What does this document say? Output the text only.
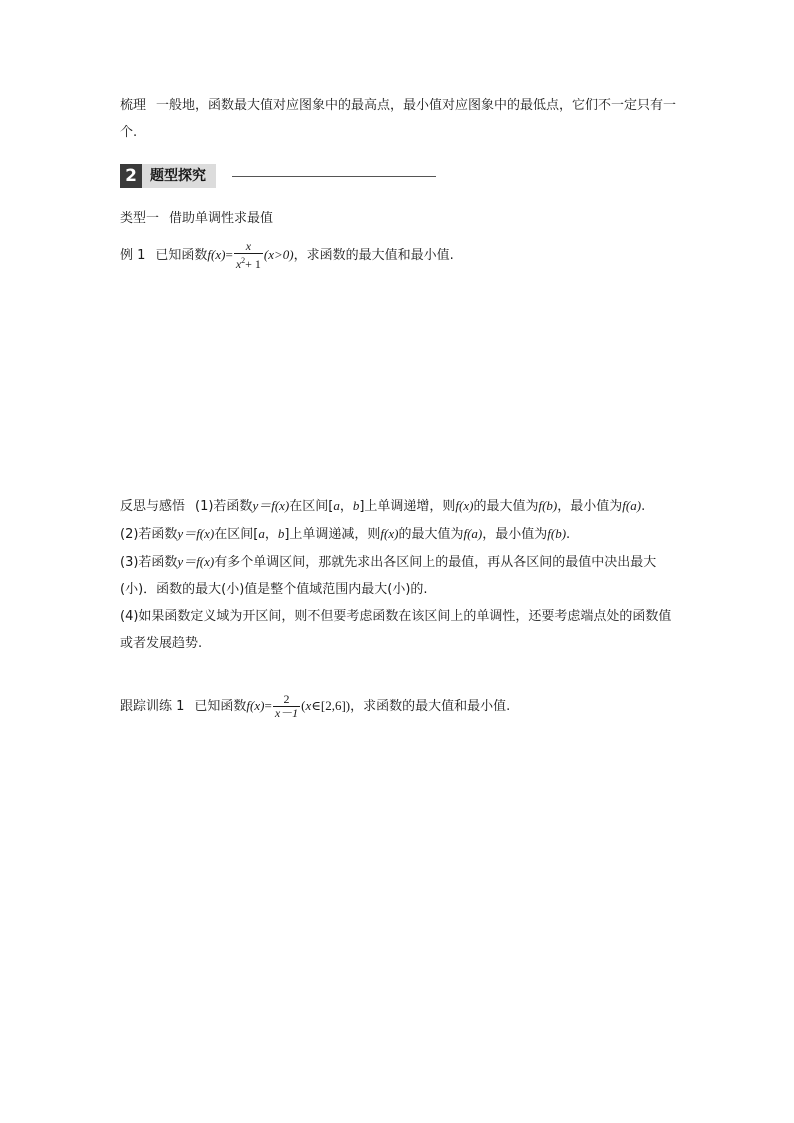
梳理 一般地，函数最大值对应图象中的最高点，最小值对应图象中的最低点，它们不一定只有一个.
2 题型探究
类型一 借助单调性求最值
例 1 已知函数$f(x)= \frac{x}{x^2+ 1} (x>0)$，求函数的最大值和最小值.
反思与感悟 (1)若函数y＝f(x)在区间[a，b]上单调递增，则f(x)的最大值为f(b)，最小值为f(a).
(2)若函数y＝f(x)在区间[a，b]上单调递减，则f(x)的最大值为f(a)，最小值为f(b).
(3)若函数y＝f(x)有多个单调区间，那就先求出各区间上的最值，再从各区间的最值中决出最大(小)．函数的最大(小)值是整个值域范围内最大(小)的.
(4)如果函数定义域为开区间，则不但要考虑函数在该区间上的单调性，还要考虑端点处的函数值或者发展趋势.
跟踪训练 1 已知函数$f(x)= \frac{2}{x-1}$ (x∈[2,6])，求函数的最大值和最小值.
